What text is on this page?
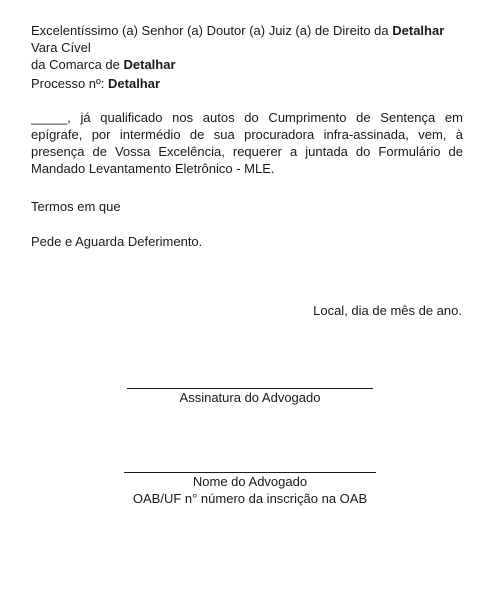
Excelentíssimo (a) Senhor (a) Doutor (a) Juiz (a) de Direito da Detalhar Vara Cível
da Comarca de Detalhar
Processo nº: Detalhar
_____, já qualificado nos autos do Cumprimento de Sentença em epígrafe, por intermédio de sua procuradora infra-assinada, vem, à presença de Vossa Excelência, requerer a juntada do Formulário de Mandado Levantamento Eletrônico - MLE.
Termos em que
Pede e Aguarda Deferimento.
Local, dia de mês de ano.
Assinatura do Advogado
Nome do Advogado
OAB/UF n° número da inscrição na OAB
